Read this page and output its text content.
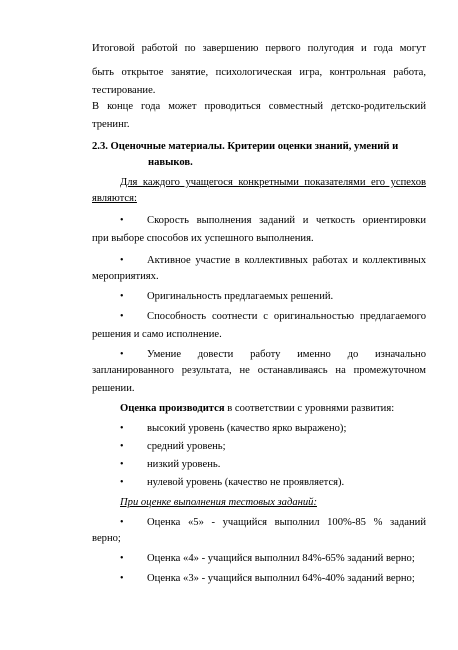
Итоговой работой по завершению первого полугодия и года могут
быть открытое занятие, психологическая игра, контрольная работа,
тестирование.
В конце года может проводиться совместный детско-родительский
тренинг.
2.3. Оценочные материалы. Критерии оценки знаний, умений и
навыков.
Для каждого учащегося конкретными показателями его успехов
являются:
• Скорость выполнения заданий и четкость ориентировки
при выборе способов их успешного выполнения.
• Активное участие в коллективных работах и коллективных
мероприятиях.
• Оригинальность предлагаемых решений.
• Способность соотнести с оригинальностью предлагаемого
решения и само исполнение.
• Умение довести работу именно до изначально
запланированного результата, не останавливаясь на промежуточном
решении.
Оценка производится в соответствии с уровнями развития:
• высокий уровень (качество ярко выражено);
• средний уровень;
• низкий уровень.
• нулевой уровень (качество не проявляется).
При оценке выполнения тестовых заданий:
• Оценка «5» - учащийся выполнил 100%-85 % заданий
верно;
• Оценка «4» - учащийся выполнил 84%-65% заданий верно;
• Оценка «3» - учащийся выполнил 64%-40% заданий верно;
